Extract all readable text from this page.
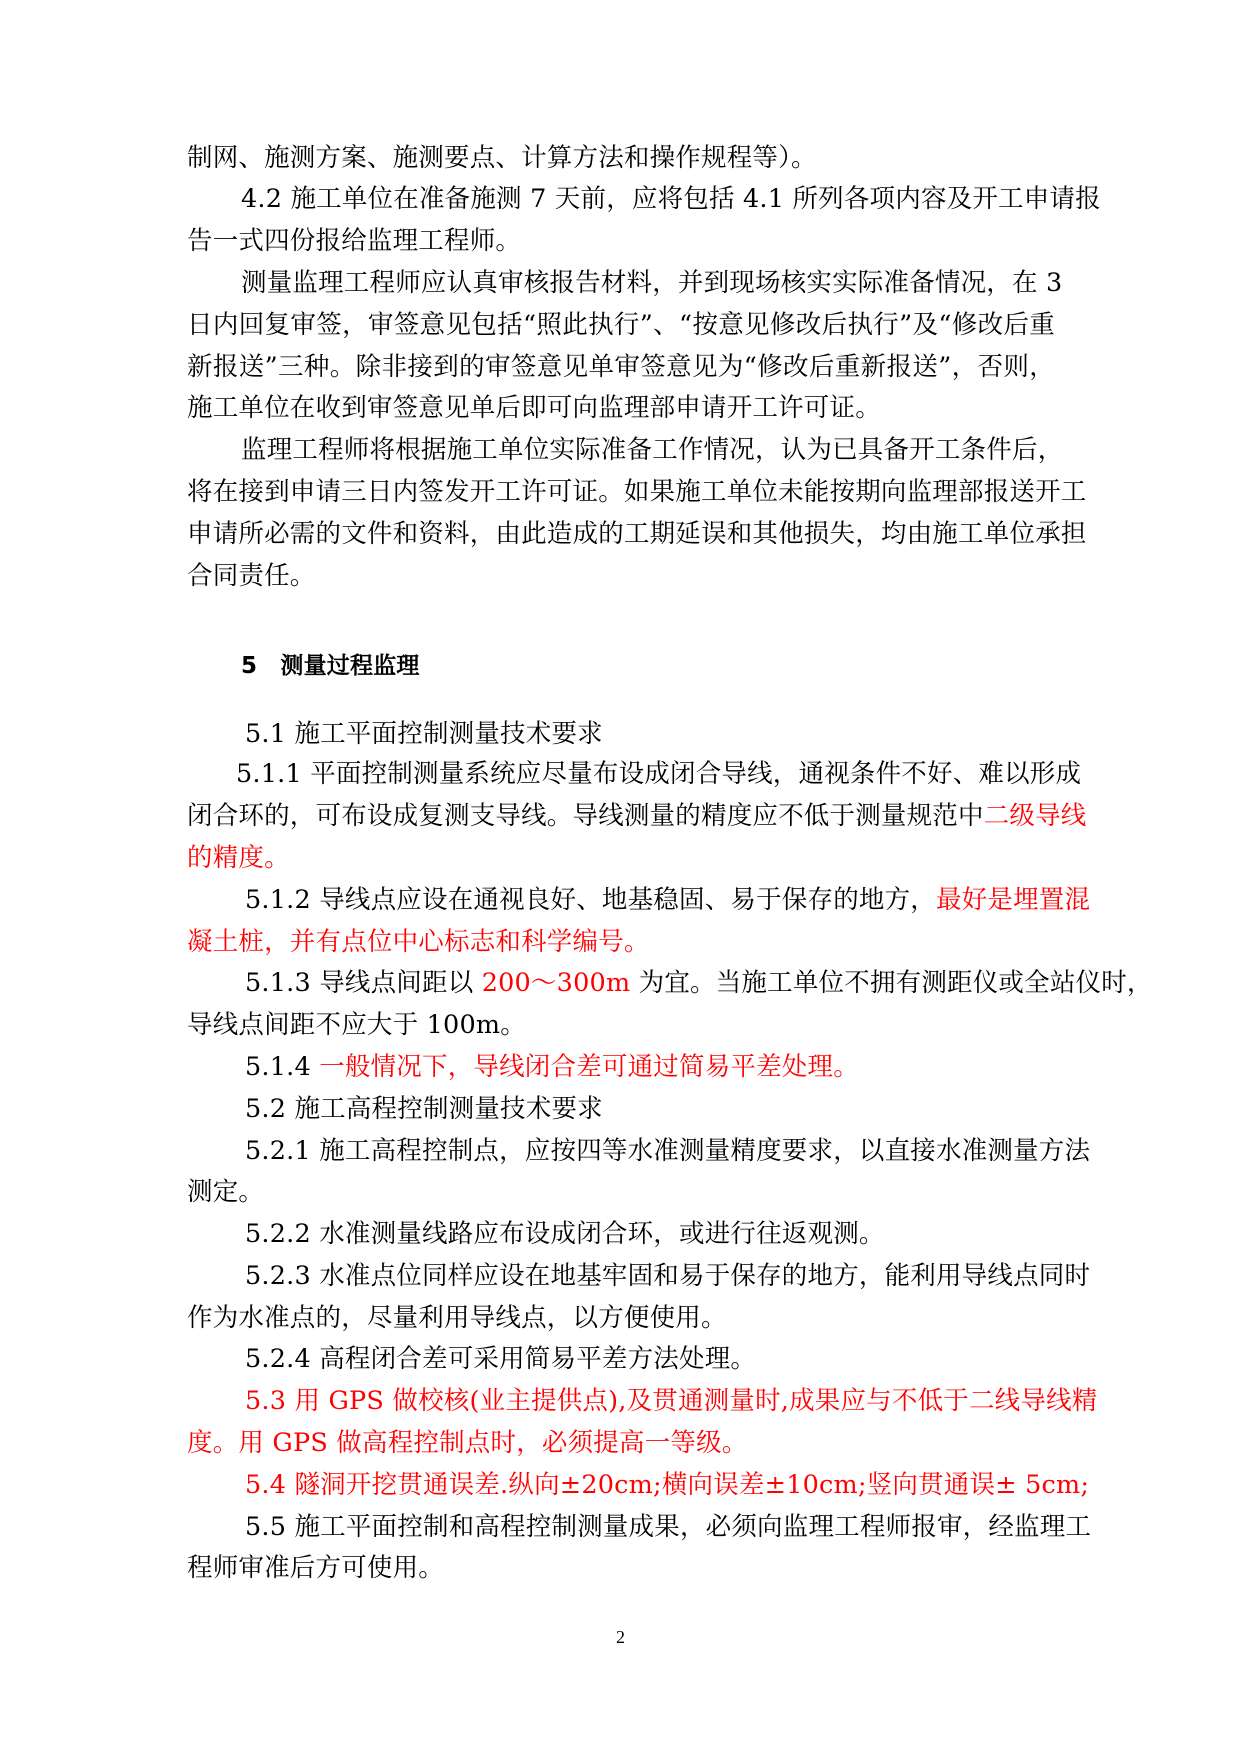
制网、施测方案、施测要点、计算方法和操作规程等）。
4.2 施工单位在准备施测 7 天前，应将包括 4.1 所列各项内容及开工申请报
告一式四份报给监理工程师。
测量监理工程师应认真审核报告材料，并到现场核实实际准备情况，在 3
日内回复审签，审签意见包括“照此执行”、“按意见修改后执行”及“修改后重
新报送”三种。除非接到的审签意见单审签意见为“修改后重新报送”，否则，
施工单位在收到审签意见单后即可向监理部申请开工许可证。
监理工程师将根据施工单位实际准备工作情况，认为已具备开工条件后，
将在接到申请三日内签发开工许可证。如果施工单位未能按期向监理部报送开工
申请所必需的文件和资料，由此造成的工期延误和其他损失，均由施工单位承担
合同责任。
5　测量过程监理
5.1 施工平面控制测量技术要求
5.1.1 平面控制测量系统应尽量布设成闭合导线，通视条件不好、难以形成
闭合环的，可布设成复测支导线。导线测量的精度应不低于测量规范中二级导线
的精度。
5.1.2 导线点应设在通视良好、地基稳固、易于保存的地方，最好是埋置混
凝土桩，并有点位中心标志和科学编号。
5.1.3 导线点间距以 200～300m 为宜。当施工单位不拥有测距仪或全站仪时，
导线点间距不应大于 100m。
5.1.4 一般情况下，导线闭合差可通过简易平差处理。
5.2 施工高程控制测量技术要求
5.2.1 施工高程控制点，应按四等水准测量精度要求，以直接水准测量方法
测定。
5.2.2 水准测量线路应布设成闭合环，或进行往返观测。
5.2.3 水准点位同样应设在地基牢固和易于保存的地方，能利用导线点同时
作为水准点的，尽量利用导线点，以方便使用。
5.2.4 高程闭合差可采用简易平差方法处理。
5.3 用 GPS 做校核(业主提供点),及贯通测量时,成果应与不低于二线导线精
度。用 GPS 做高程控制点时，必须提高一等级。
5.4 隧洞开挖贯通误差.纵向±20cm;横向误差±10cm;竖向贯通误± 5cm;
5.5 施工平面控制和高程控制测量成果，必须向监理工程师报审，经监理工
程师审准后方可使用。
2
